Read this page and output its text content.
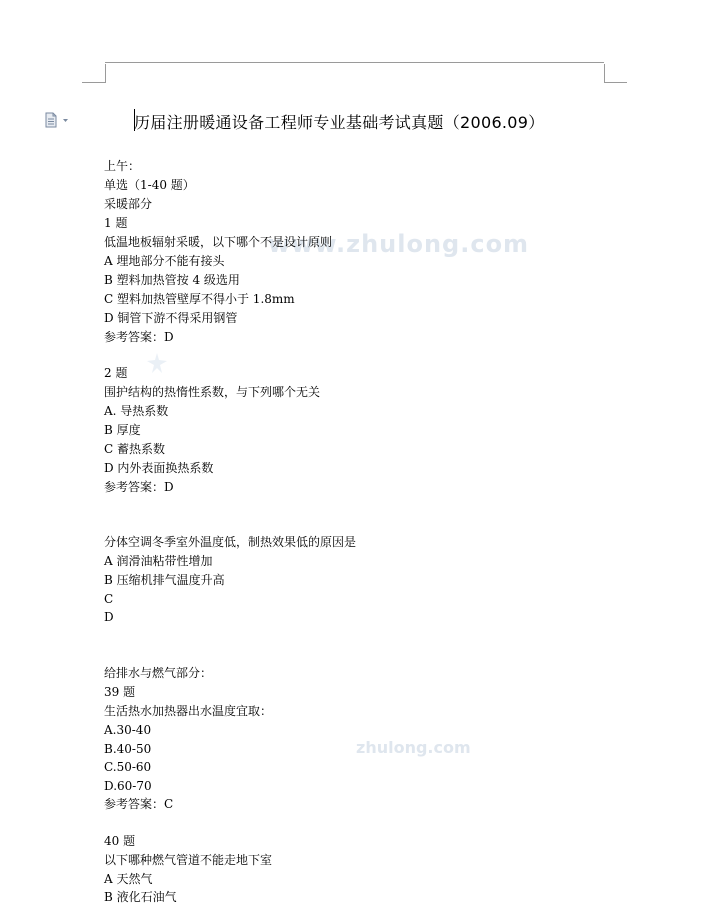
www.zhulong.com
zhulong.com
历届注册暖通设备工程师专业基础考试真题（2006.09）
上午：
单选（1-40 题）
采暖部分
1 题
低温地板辐射采暖，以下哪个不是设计原则
A 埋地部分不能有接头
B 塑料加热管按 4 级选用
C 塑料加热管壁厚不得小于 1.8mm
D 铜管下游不得采用钢管
参考答案：D
2 题
围护结构的热惰性系数，与下列哪个无关
A. 导热系数
B 厚度
C 蓄热系数
D 内外表面换热系数
参考答案：D
分体空调冬季室外温度低，制热效果低的原因是
A 润滑油粘带性增加
B 压缩机排气温度升高
C
D
给排水与燃气部分：
39 题
生活热水加热器出水温度宜取：
A.30-40
B.40-50
C.50-60
D.60-70
参考答案：C
40 题
以下哪种燃气管道不能走地下室
A 天然气
B 液化石油气
